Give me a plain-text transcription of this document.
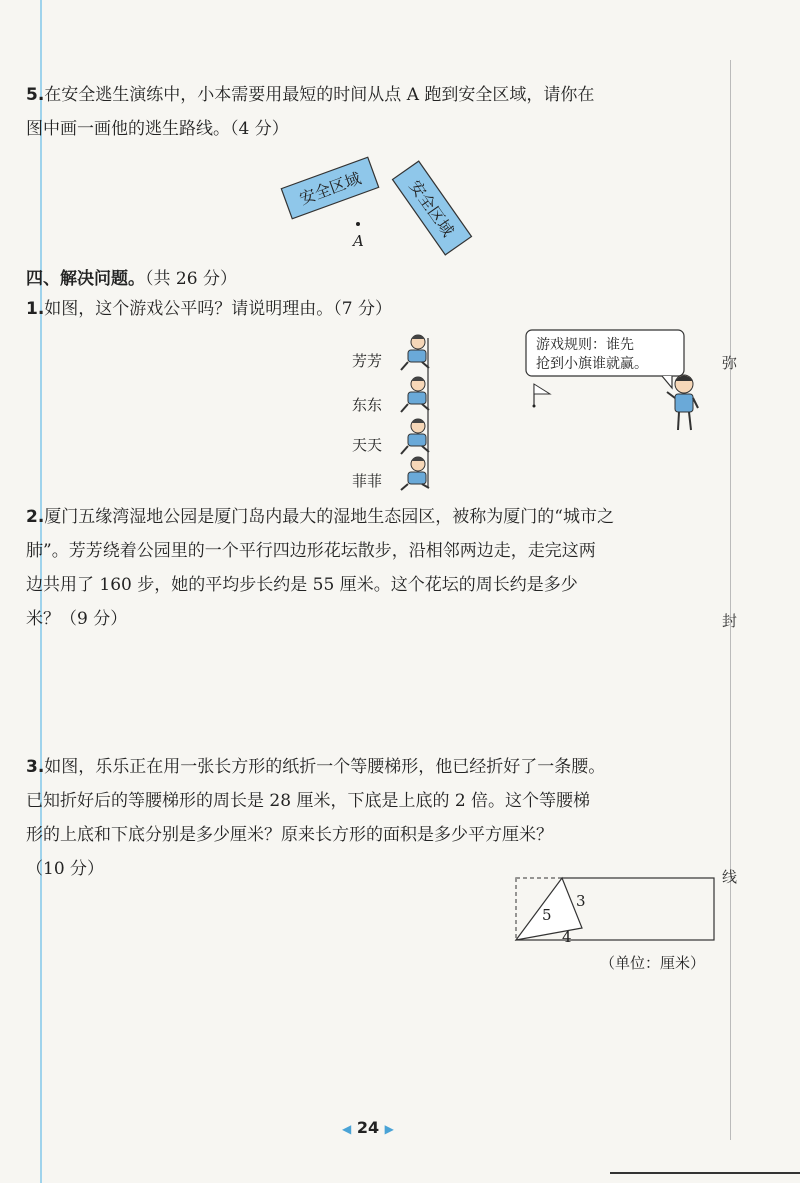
5.在安全逃生演练中，小本需要用最短的时间从点 A 跑到安全区域，请你在
图中画一画他的逃生路线。（4 分）
安全区域	安全区域
A
四、解决问题。（共 26 分）
1.如图，这个游戏公平吗？请说明理由。（7 分）
芳芳
东东
天天
菲菲
游戏规则：谁先
抢到小旗谁就赢。
2.厦门五缘湾湿地公园是厦门岛内最大的湿地生态园区，被称为厦门的“城市之
肺”。芳芳绕着公园里的一个平行四边形花坛散步，沿相邻两边走，走完这两
边共用了 160 步，她的平均步长约是 55 厘米。这个花坛的周长约是多少
米？（9 分）
3.如图，乐乐正在用一张长方形的纸折一个等腰梯形，他已经折好了一条腰。
已知折好后的等腰梯形的周长是 28 厘米，下底是上底的 2 倍。这个等腰梯
形的上底和下底分别是多少厘米？原来长方形的面积是多少平方厘米？
（10 分）
5
3
4
（单位：厘米）
弥
封
线
◀ 24 ▶
